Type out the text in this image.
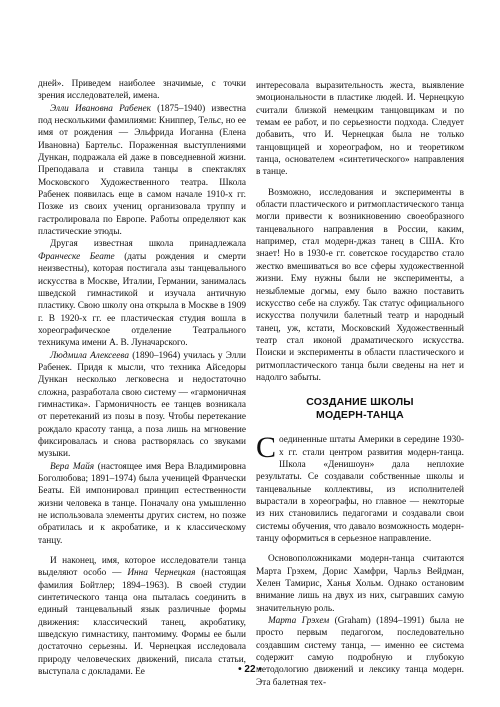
дней». Приведем наиболее значимые, с точки зрения исследователей, имена.

Элли Ивановна Рабенек (1875–1940) известна под несколькими фамилиями: Книппер, Тельс, но ее имя от рождения — Эльфрида Иоганна (Елена Ивановна) Бартельс. Пораженная выступлениями Дункан, подражала ей даже в повседневной жизни. Преподавала и ставила танцы в спектаклях Московского Художественного театра. Школа Рабенек появилась еще в самом начале 1910-х гг. Позже из своих учениц организовала труппу и гастролировала по Европе. Работы определяют как пластические этюды.

Другая известная школа принадлежала Франческе Беате (даты рождения и смерти неизвестны), которая постигала азы танцевального искусства в Москве, Италии, Германии, занималась шведской гимнастикой и изучала античную пластику. Свою школу она открыла в Москве в 1909 г. В 1920-х гг. ее пластическая студия вошла в хореографическое отделение Театрального техникума имени А. В. Луначарского.

Людмила Алексеева (1890–1964) училась у Элли Рабенек. Придя к мысли, что техника Айседоры Дункан несколько легковесна и недостаточно сложна, разработала свою систему — «гармоничная гимнастика». Гармоничность ее танцев возникала от перетеканий из позы в позу. Чтобы перетекание рождало красоту танца, а поза лишь на мгновение фиксировалась и снова растворялась со звуками музыки.

Вера Майя (настоящее имя Вера Владимировна Боголюбова; 1891–1974) была ученицей Франчески Беаты. Ей импонировал принцип естественности жизни человека в танце. Поначалу она умышленно не использовала элементы других систем, но позже обратилась и к акробатике, и к классическому танцу.

И наконец, имя, которое исследователи танца выделяют особо — Инна Чернецкая (настоящая фамилия Бойтлер; 1894–1963). В своей студии синтетического танца она пыталась соединить в единый танцевальный язык различные формы движения: классический танец, акробатику, шведскую гимнастику, пантомиму. Формы ее были достаточно серьезны. И. Чернецкая исследовала природу человеческих движений, писала статьи, выступала с докладами. Ее

интересовала выразительность жеста, выявление эмоциональности в пластике людей. И. Чернецкую считали близкой немецким танцовщикам и по темам ее работ, и по серьезности подхода. Следует добавить, что И. Чернецкая была не только танцовщицей и хореографом, но и теоретиком танца, основателем «синтетического» направления в танце.

Возможно, исследования и эксперименты в области пластического и ритмопластического танца могли привести к возникновению своеобразного танцевального направления в России, каким, например, стал модерн-джаз танец в США. Кто знает! Но в 1930-е гг. советское государство стало жестко вмешиваться во все сферы художественной жизни. Ему нужны были не эксперименты, а незыблемые догмы, ему было важно поставить искусство себе на службу. Так статус официального искусства получили балетный театр и народный танец, уж, кстати, Московский Художественный театр стал иконой драматического искусства. Поиски и эксперименты в области пластического и ритмопластического танца были сведены на нет и надолго забыты.

СОЗДАНИЕ ШКОЛЫ
МОДЕРН-ТАНЦА

Соединенные штаты Америки в середине 1930-х гг. стали центром развития модерн-танца. Школа «Денишоун» дала неплохие результаты. Се создавали собственные школы и танцевальные коллективы, из исполнителей вырастали в хореографы, но главное — некоторые из них становились педагогами и создавали свои системы обучения, что давало возможность модерн-танцу оформиться в серьезное направление.

Основоположниками модерн-танца считаются Марта Грэхем, Дорис Хамфри, Чарльз Вейдман, Хелен Тамирис, Ханья Хольм. Однако остановим внимание лишь на двух из них, сыгравших самую значительную роль.

Марта Грэхем (Graham) (1894–1991) была не просто первым педагогом, последовательно создавшим систему танца, — именно ее система содержит самую подробную и глубокую методологию движений и лексику танца модерн. Эта балетная тех-

• 22 •
